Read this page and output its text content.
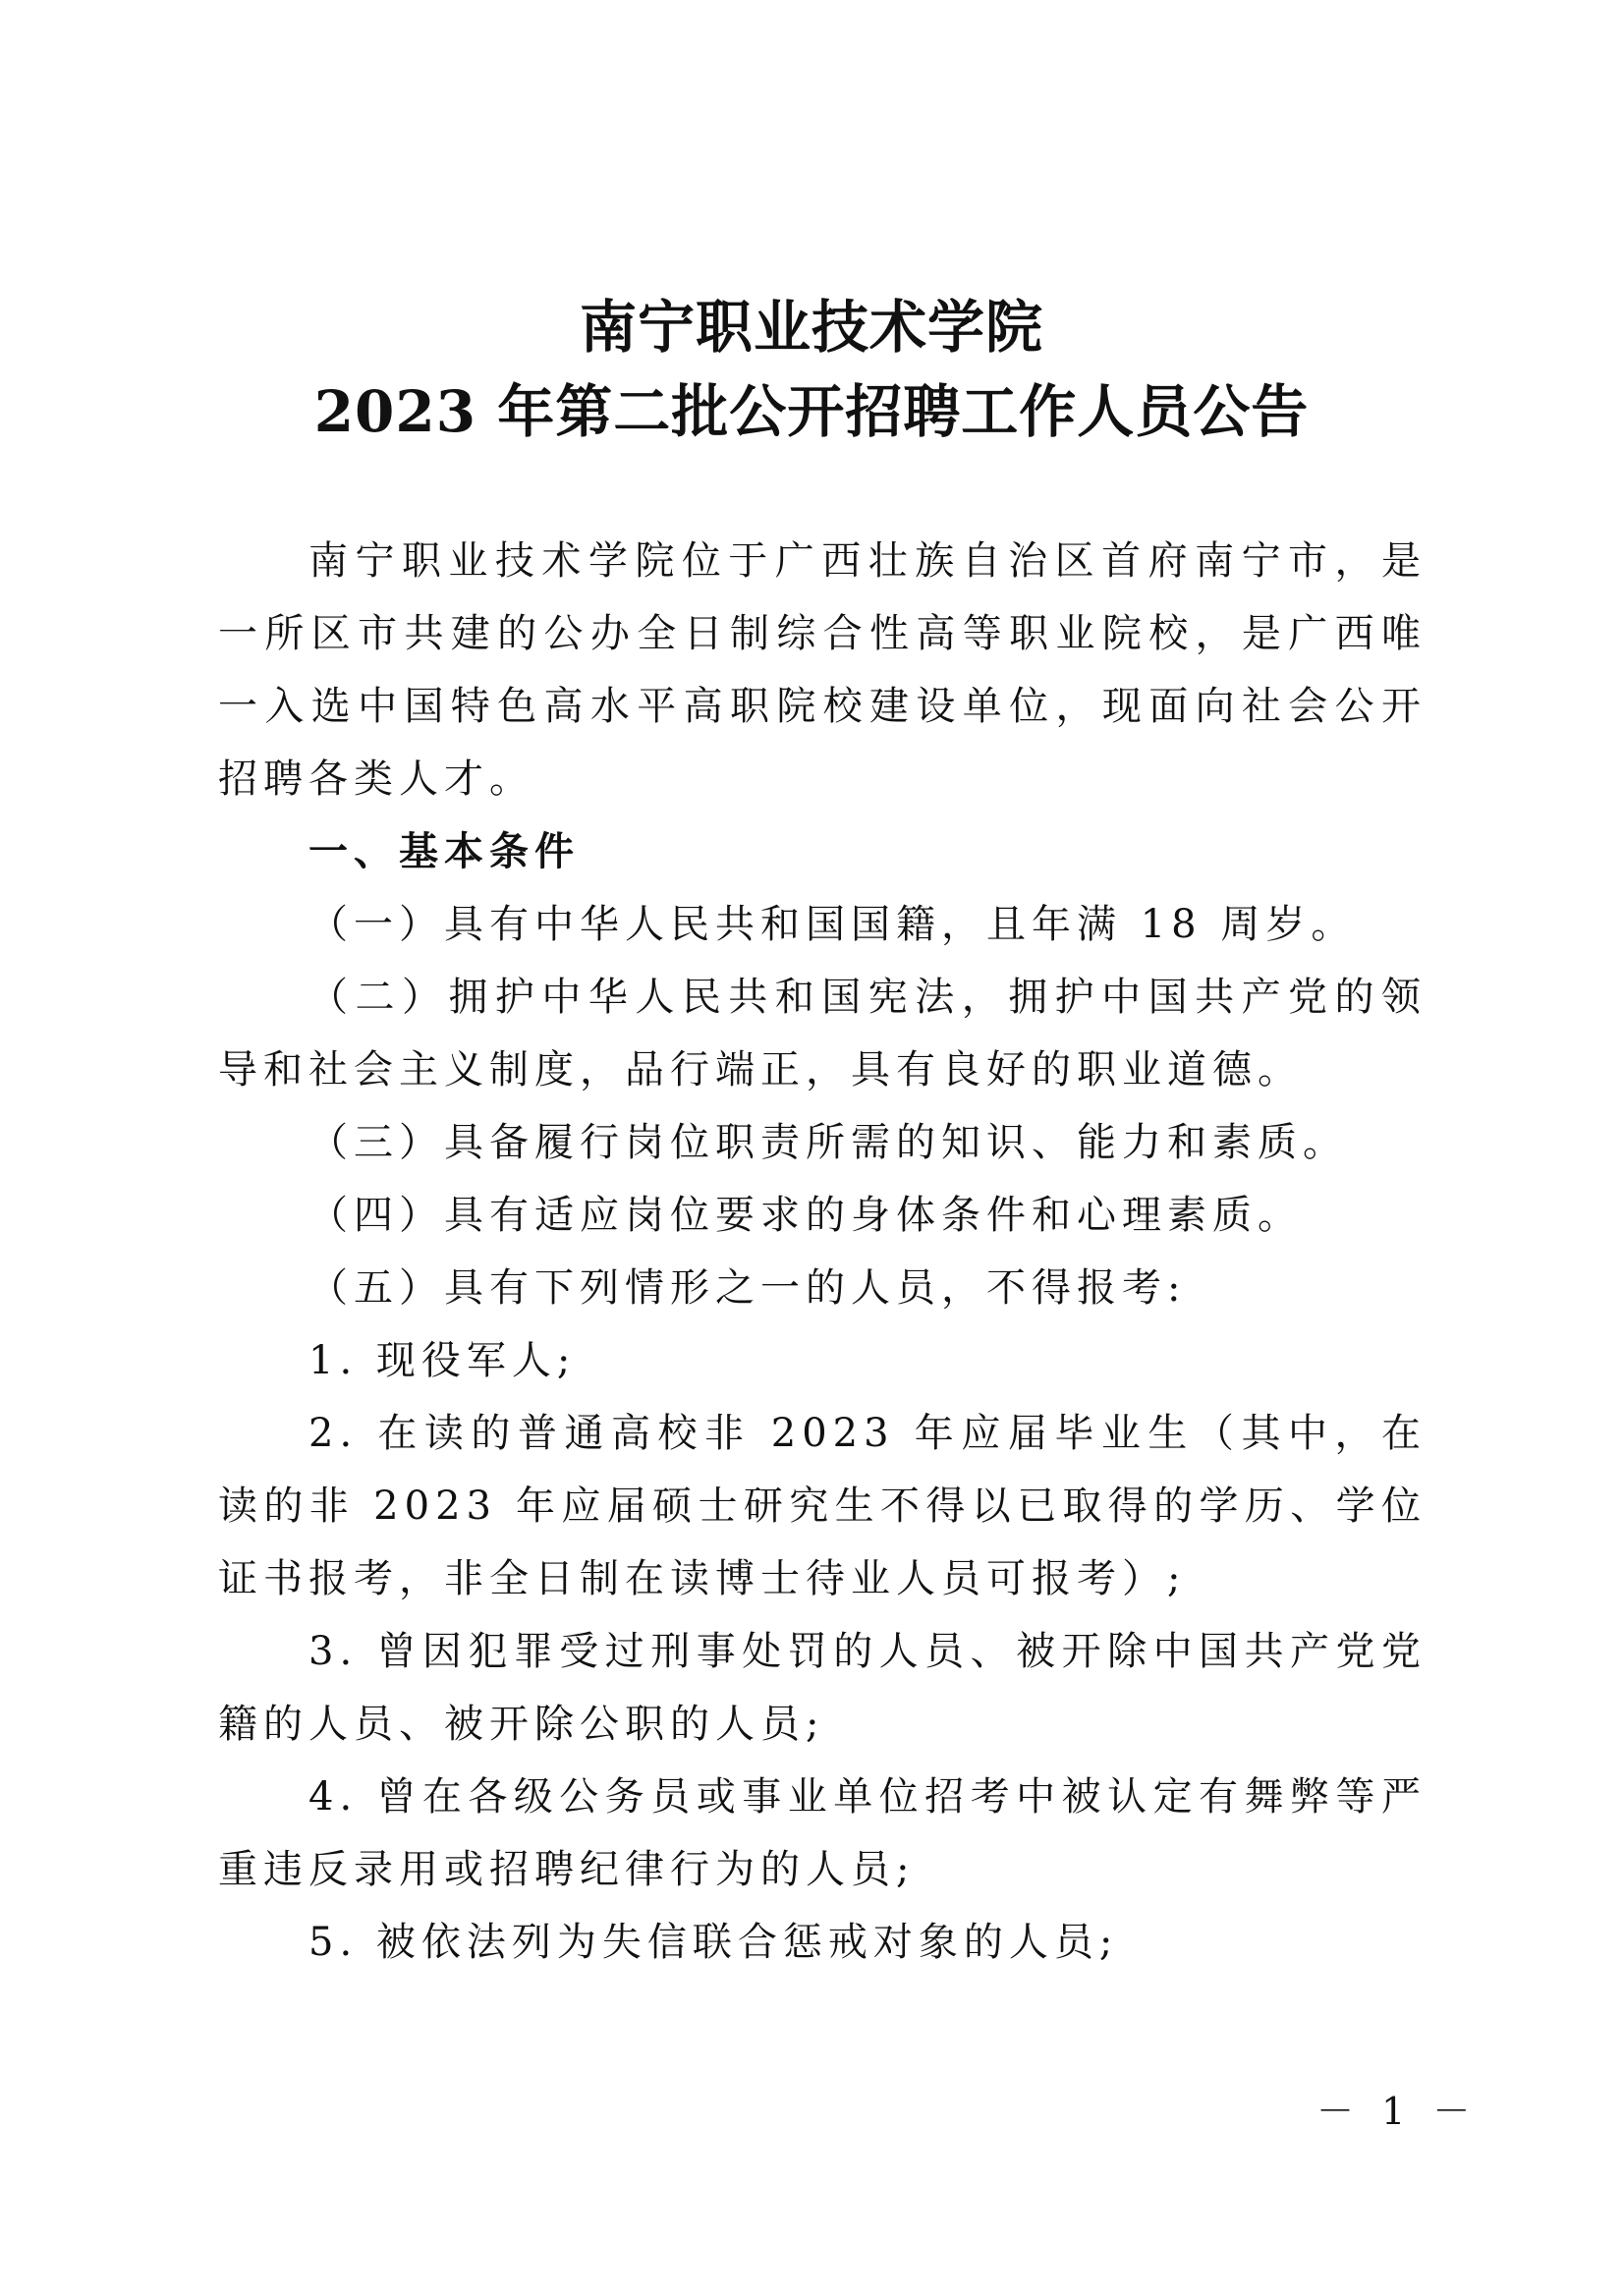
南宁职业技术学院
2023 年第二批公开招聘工作人员公告

南宁职业技术学院位于广西壮族自治区首府南宁市，是一所区市共建的公办全日制综合性高等职业院校，是广西唯一入选中国特色高水平高职院校建设单位，现面向社会公开招聘各类人才。

一、基本条件

（一）具有中华人民共和国国籍，且年满 18 周岁。

（二）拥护中华人民共和国宪法，拥护中国共产党的领导和社会主义制度，品行端正，具有良好的职业道德。

（三）具备履行岗位职责所需的知识、能力和素质。

（四）具有适应岗位要求的身体条件和心理素质。

（五）具有下列情形之一的人员，不得报考:

1. 现役军人;

2. 在读的普通高校非 2023 年应届毕业生（其中，在读的非 2023 年应届硕士研究生不得以已取得的学历、学位证书报考，非全日制在读博士待业人员可报考）;

3. 曾因犯罪受过刑事处罚的人员、被开除中国共产党党籍的人员、被开除公职的人员;

4. 曾在各级公务员或事业单位招考中被认定有舞弊等严重违反录用或招聘纪律行为的人员;

5. 被依法列为失信联合惩戒对象的人员;

－ 1 －
